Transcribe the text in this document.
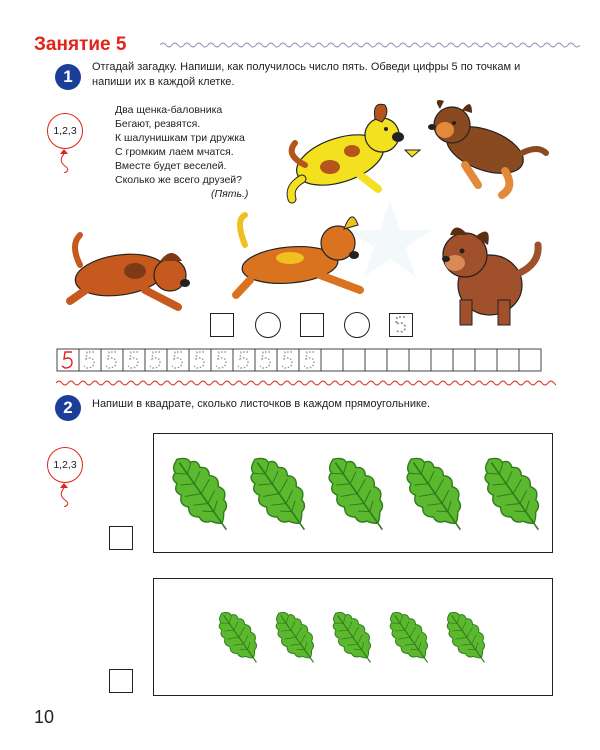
Занятие 5
1	Отгадай загадку. Напиши, как получилось число пять. Обведи цифры 5 по точкам и напиши их в каждой клетке.
1,2,3
Два щенка-баловника
Бегают, резвятся.
К шалунишкам три дружка
С громким лаем мчатся.
Вместе будет веселей.
Сколько же всего друзей?
(Пять.)
2	Напиши в квадрате, сколько листочков в каждом прямоугольнике.
1,2,3
10
